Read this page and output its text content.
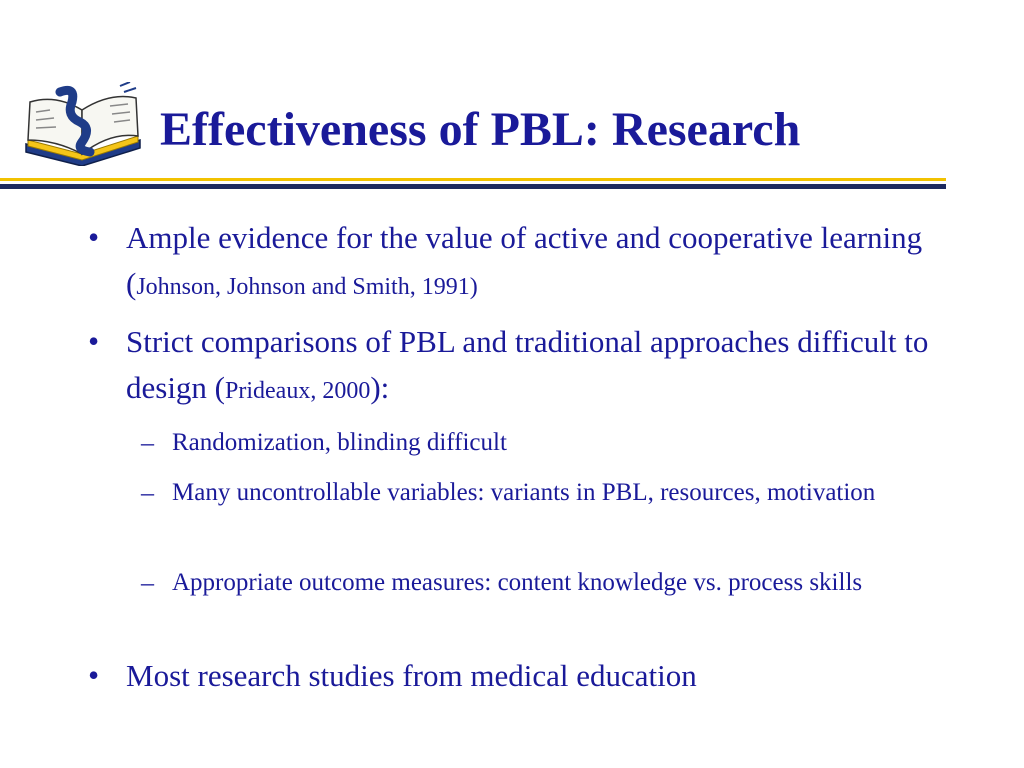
Effectiveness of PBL: Research
• Ample evidence for the value of active and cooperative learning (Johnson, Johnson and Smith, 1991)
• Strict comparisons of PBL and traditional approaches difficult to design (Prideaux, 2000):
– Randomization, blinding difficult
– Many uncontrollable variables: variants in PBL, resources, motivation
– Appropriate outcome measures: content knowledge vs. process skills
• Most research studies from medical education
